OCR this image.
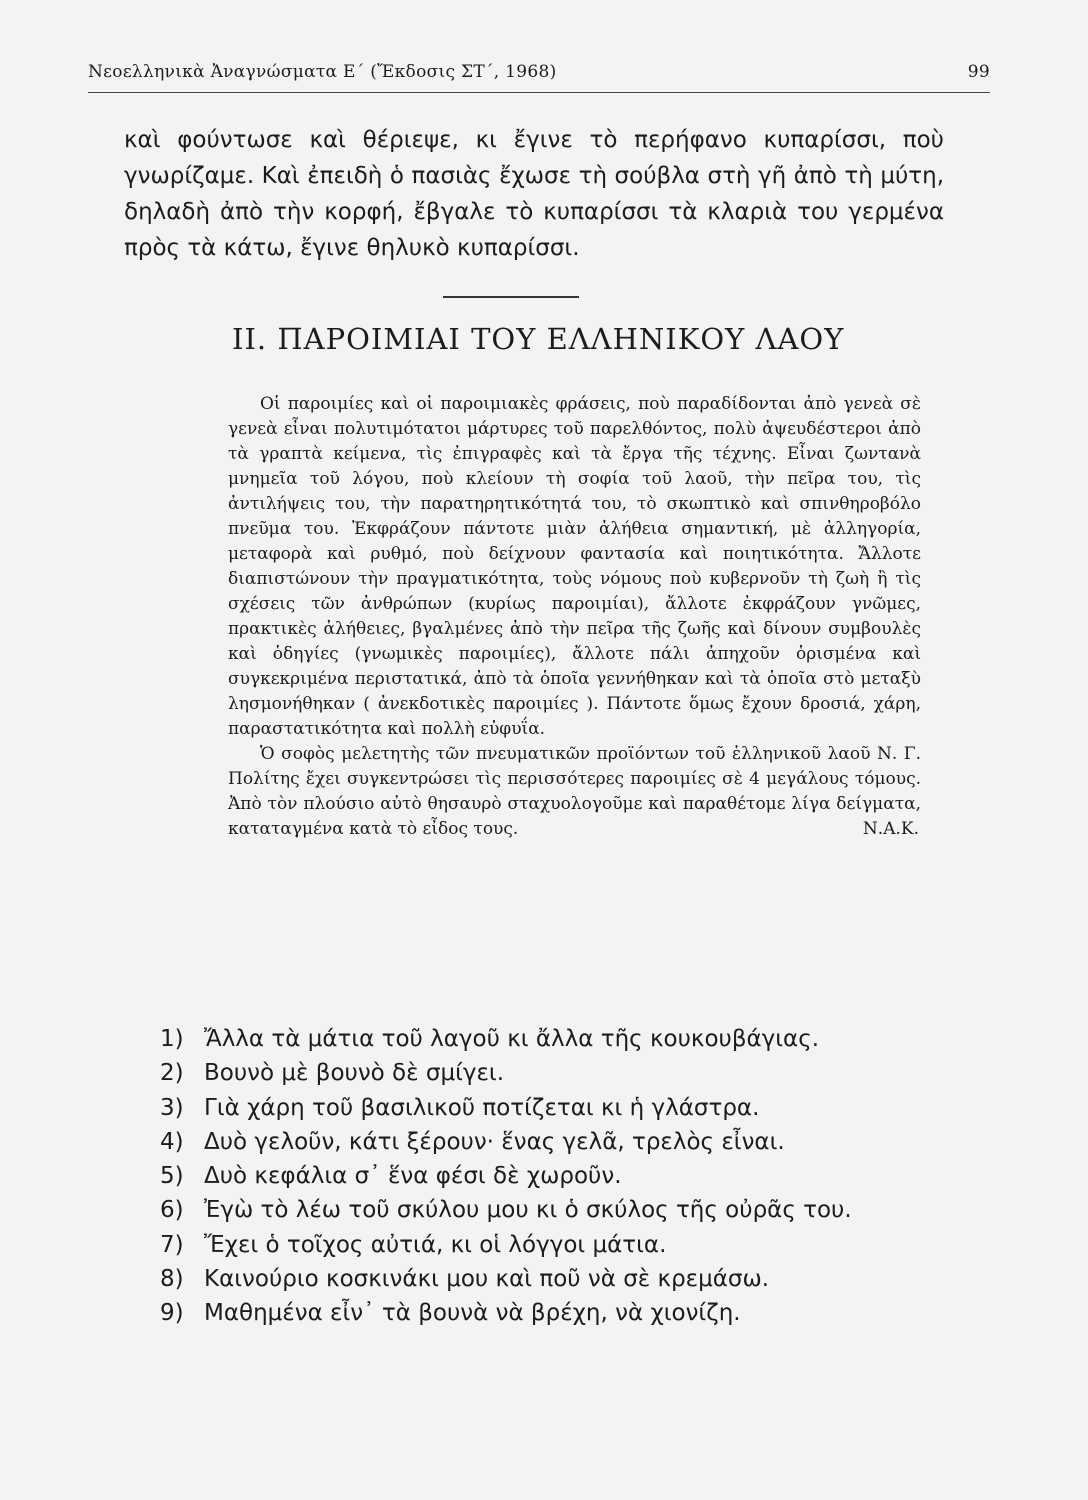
Νεοελληνικὰ Ἀναγνώσματα Ε΄ (Ἔκδοσις ΣΤ΄, 1968)	99
καὶ φούντωσε καὶ θέριεψε, κι ἔγινε τὸ περήφανο κυπαρίσσι, ποὺ γνωρίζαμε. Καὶ ἐπειδὴ ὁ πασιὰς ἔχωσε τὴ σούβλα στὴ γῆ ἀπὸ τὴ μύτη, δηλαδὴ ἀπὸ τὴν κορφή, ἔβγαλε τὸ κυπαρίσσι τὰ κλαριὰ του γερμένα πρὸς τὰ κάτω, ἔγινε θηλυκὸ κυπαρίσσι.
II. ΠΑΡΟΙΜΙΑΙ ΤΟΥ ΕΛΛΗΝΙΚΟΥ ΛΑΟΥ

Οἱ παροιμίες καὶ οἱ παροιμιακὲς φράσεις, ποὺ παραδίδονται ἀπὸ γενεὰ σὲ γενεὰ εἶναι πολυτιμότατοι μάρτυρες τοῦ παρελθόντος, πολὺ ἀψευδέστεροι ἀπὸ τὰ γραπτὰ κείμενα, τὶς ἐπιγραφὲς καὶ τὰ ἔργα τῆς τέχνης. Εἶναι ζωντανὰ μνημεῖα τοῦ λόγου, ποὺ κλείουν τὴ σοφία τοῦ λαοῦ, τὴν πεῖρα του, τὶς ἀντιλήψεις του, τὴν παρατηρητικότητά του, τὸ σκωπτικὸ καὶ σπινθηροβόλο πνεῦμα του. Ἐκφράζουν πάντοτε μιὰν ἀλήθεια σημαντική, μὲ ἀλληγορία, μεταφορὰ καὶ ρυθμό, ποὺ δείχνουν φαντασία καὶ ποιητικότητα. Ἄλλοτε διαπιστώνουν τὴν πραγματικότητα, τοὺς νόμους ποὺ κυβερνοῦν τὴ ζωὴ ἢ τὶς σχέσεις τῶν ἀνθρώπων (κυρίως παροιμίαι), ἄλλοτε ἐκφράζουν γνῶμες, πρακτικὲς ἀλήθειες, βγαλμένες ἀπὸ τὴν πεῖρα τῆς ζωῆς καὶ δίνουν συμβουλὲς καὶ ὁδηγίες (γνωμικὲς παροιμίες), ἄλλοτε πάλι ἀπηχοῦν ὁρισμένα καὶ συγκεκριμένα περιστατικά, ἀπὸ τὰ ὁποῖα γεννήθηκαν καὶ τὰ ὁποῖα στὸ μεταξὺ λησμονήθηκαν ( ἀνεκδοτικὲς παροιμίες ). Πάντοτε ὅμως ἔχουν δροσιά, χάρη, παραστατικότητα καὶ πολλὴ εὐφυΐα.

Ὁ σοφὸς μελετητὴς τῶν πνευματικῶν προϊόντων τοῦ ἑλληνικοῦ λαοῦ Ν. Γ. Πολίτης ἔχει συγκεντρώσει τὶς περισσότερες παροιμίες σὲ 4 μεγάλους τόμους. Ἀπὸ τὸν πλούσιο αὐτὸ θησαυρὸ σταχυολογοῦμε καὶ παραθέτομε λίγα δείγματα, καταταγμένα κατὰ τὸ εἶδος τους.	Ν.Α.Κ.
1) Ἄλλα τὰ μάτια τοῦ λαγοῦ κι ἄλλα τῆς κουκουβάγιας.
2) Βουνὸ μὲ βουνὸ δὲ σμίγει.
3) Γιὰ χάρη τοῦ βασιλικοῦ ποτίζεται κι ἡ γλάστρα.
4) Δυὸ γελοῦν, κάτι ξέρουν· ἕνας γελᾶ, τρελὸς εἶναι.
5) Δυὸ κεφάλια σ᾽ ἕνα φέσι δὲ χωροῦν.
6) Ἐγὼ τὸ λέω τοῦ σκύλου μου κι ὁ σκύλος τῆς οὐρᾶς του.
7) Ἔχει ὁ τοῖχος αὐτιά, κι οἱ λόγγοι μάτια.
8) Καινούριο κοσκινάκι μου καὶ ποῦ νὰ σὲ κρεμάσω.
9) Μαθημένα εἶν᾽ τὰ βουνὰ νὰ βρέχη, νὰ χιονίζη.
